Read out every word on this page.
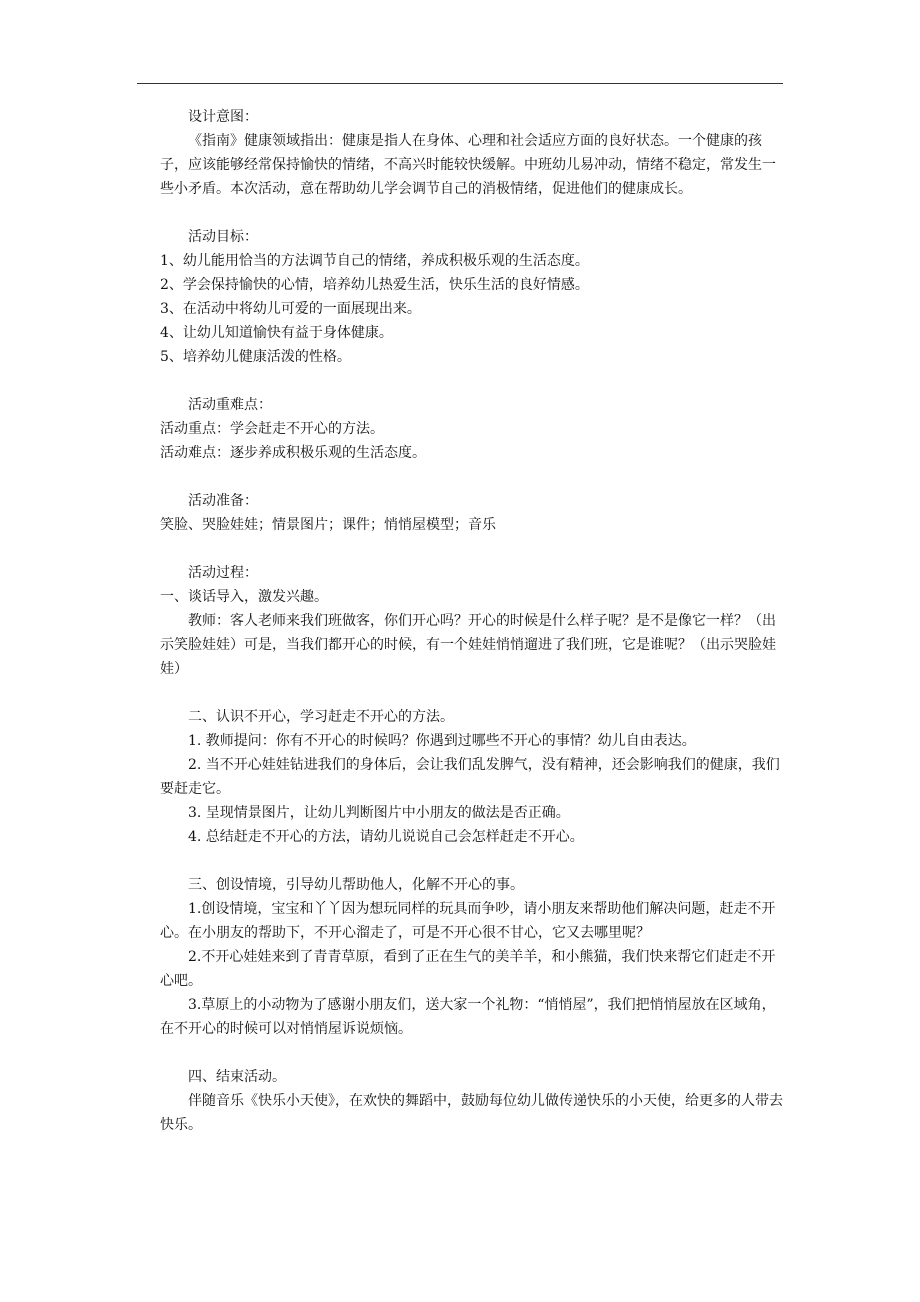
设计意图：

《指南》健康领域指出：健康是指人在身体、心理和社会适应方面的良好状态。一个健康的孩子，应该能够经常保持愉快的情绪，不高兴时能较快缓解。中班幼儿易冲动，情绪不稳定，常发生一些小矛盾。本次活动，意在帮助幼儿学会调节自己的消极情绪，促进他们的健康成长。

活动目标：

1、幼儿能用恰当的方法调节自己的情绪，养成积极乐观的生活态度。

2、学会保持愉快的心情，培养幼儿热爱生活，快乐生活的良好情感。

3、在活动中将幼儿可爱的一面展现出来。

4、让幼儿知道愉快有益于身体健康。

5、培养幼儿健康活泼的性格。

活动重难点：

活动重点：学会赶走不开心的方法。

活动难点：逐步养成积极乐观的生活态度。

活动准备：

笑脸、哭脸娃娃；情景图片；课件；悄悄屋模型；音乐

活动过程：

一、谈话导入，激发兴趣。

教师：客人老师来我们班做客，你们开心吗？开心的时候是什么样子呢？是不是像它一样？（出示笑脸娃娃）可是，当我们都开心的时候，有一个娃娃悄悄遛进了我们班，它是谁呢？（出示哭脸娃娃）

二、认识不开心，学习赶走不开心的方法。

1. 教师提问：你有不开心的时候吗？你遇到过哪些不开心的事情？幼儿自由表达。

2. 当不开心娃娃钻进我们的身体后，会让我们乱发脾气，没有精神，还会影响我们的健康，我们要赶走它。

3. 呈现情景图片，让幼儿判断图片中小朋友的做法是否正确。

4. 总结赶走不开心的方法，请幼儿说说自己会怎样赶走不开心。

三、创设情境，引导幼儿帮助他人，化解不开心的事。

1.创设情境，宝宝和丫丫因为想玩同样的玩具而争吵，请小朋友来帮助他们解决问题，赶走不开心。在小朋友的帮助下，不开心溜走了，可是不开心很不甘心，它又去哪里呢？

2.不开心娃娃来到了青青草原，看到了正在生气的美羊羊，和小熊猫，我们快来帮它们赶走不开心吧。

3.草原上的小动物为了感谢小朋友们，送大家一个礼物：“悄悄屋”，我们把悄悄屋放在区域角，在不开心的时候可以对悄悄屋诉说烦恼。

四、结束活动。

伴随音乐《快乐小天使》，在欢快的舞蹈中，鼓励每位幼儿做传递快乐的小天使，给更多的人带去快乐。
